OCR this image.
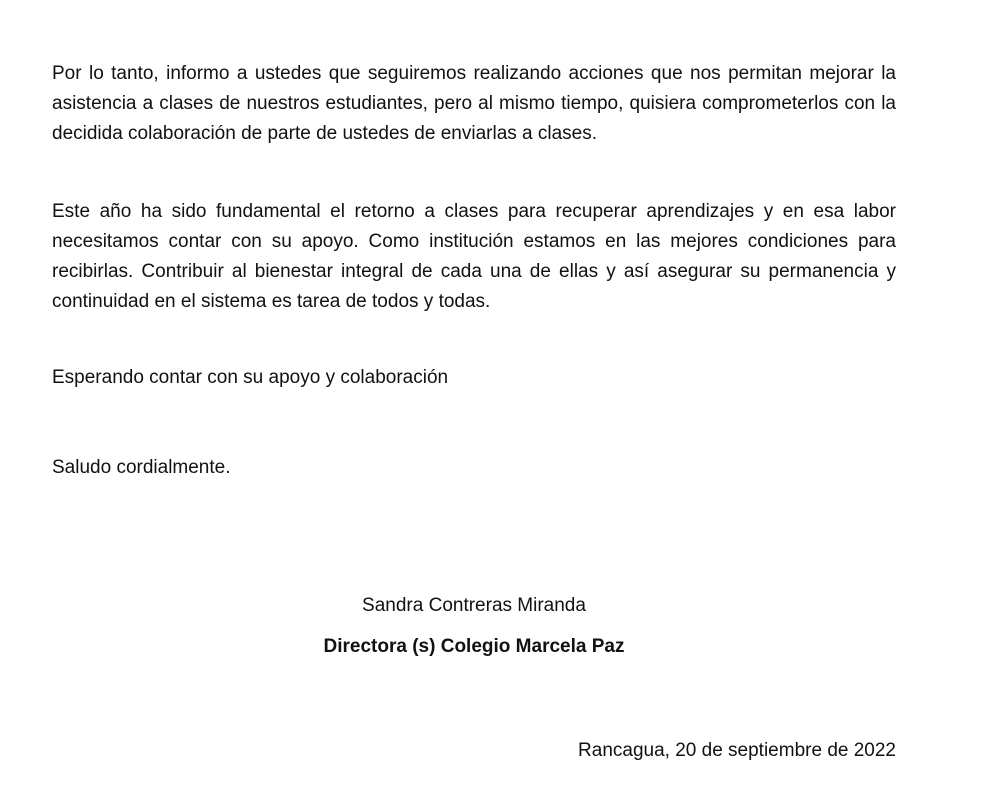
Por lo tanto, informo a ustedes que seguiremos realizando acciones que nos permitan mejorar la asistencia a clases de nuestros estudiantes, pero al mismo tiempo, quisiera comprometerlos con la decidida colaboración de parte de ustedes de enviarlas a clases.

Este año ha sido fundamental el retorno a clases para recuperar aprendizajes y en esa labor necesitamos contar con su apoyo. Como institución estamos en las mejores condiciones para recibirlas. Contribuir al bienestar integral de cada una de ellas y así asegurar su permanencia y continuidad en el sistema es tarea de todos y todas.

Esperando contar con su apoyo y colaboración

Saludo cordialmente.

Sandra Contreras Miranda

Directora (s) Colegio Marcela Paz

Rancagua, 20 de septiembre de 2022
